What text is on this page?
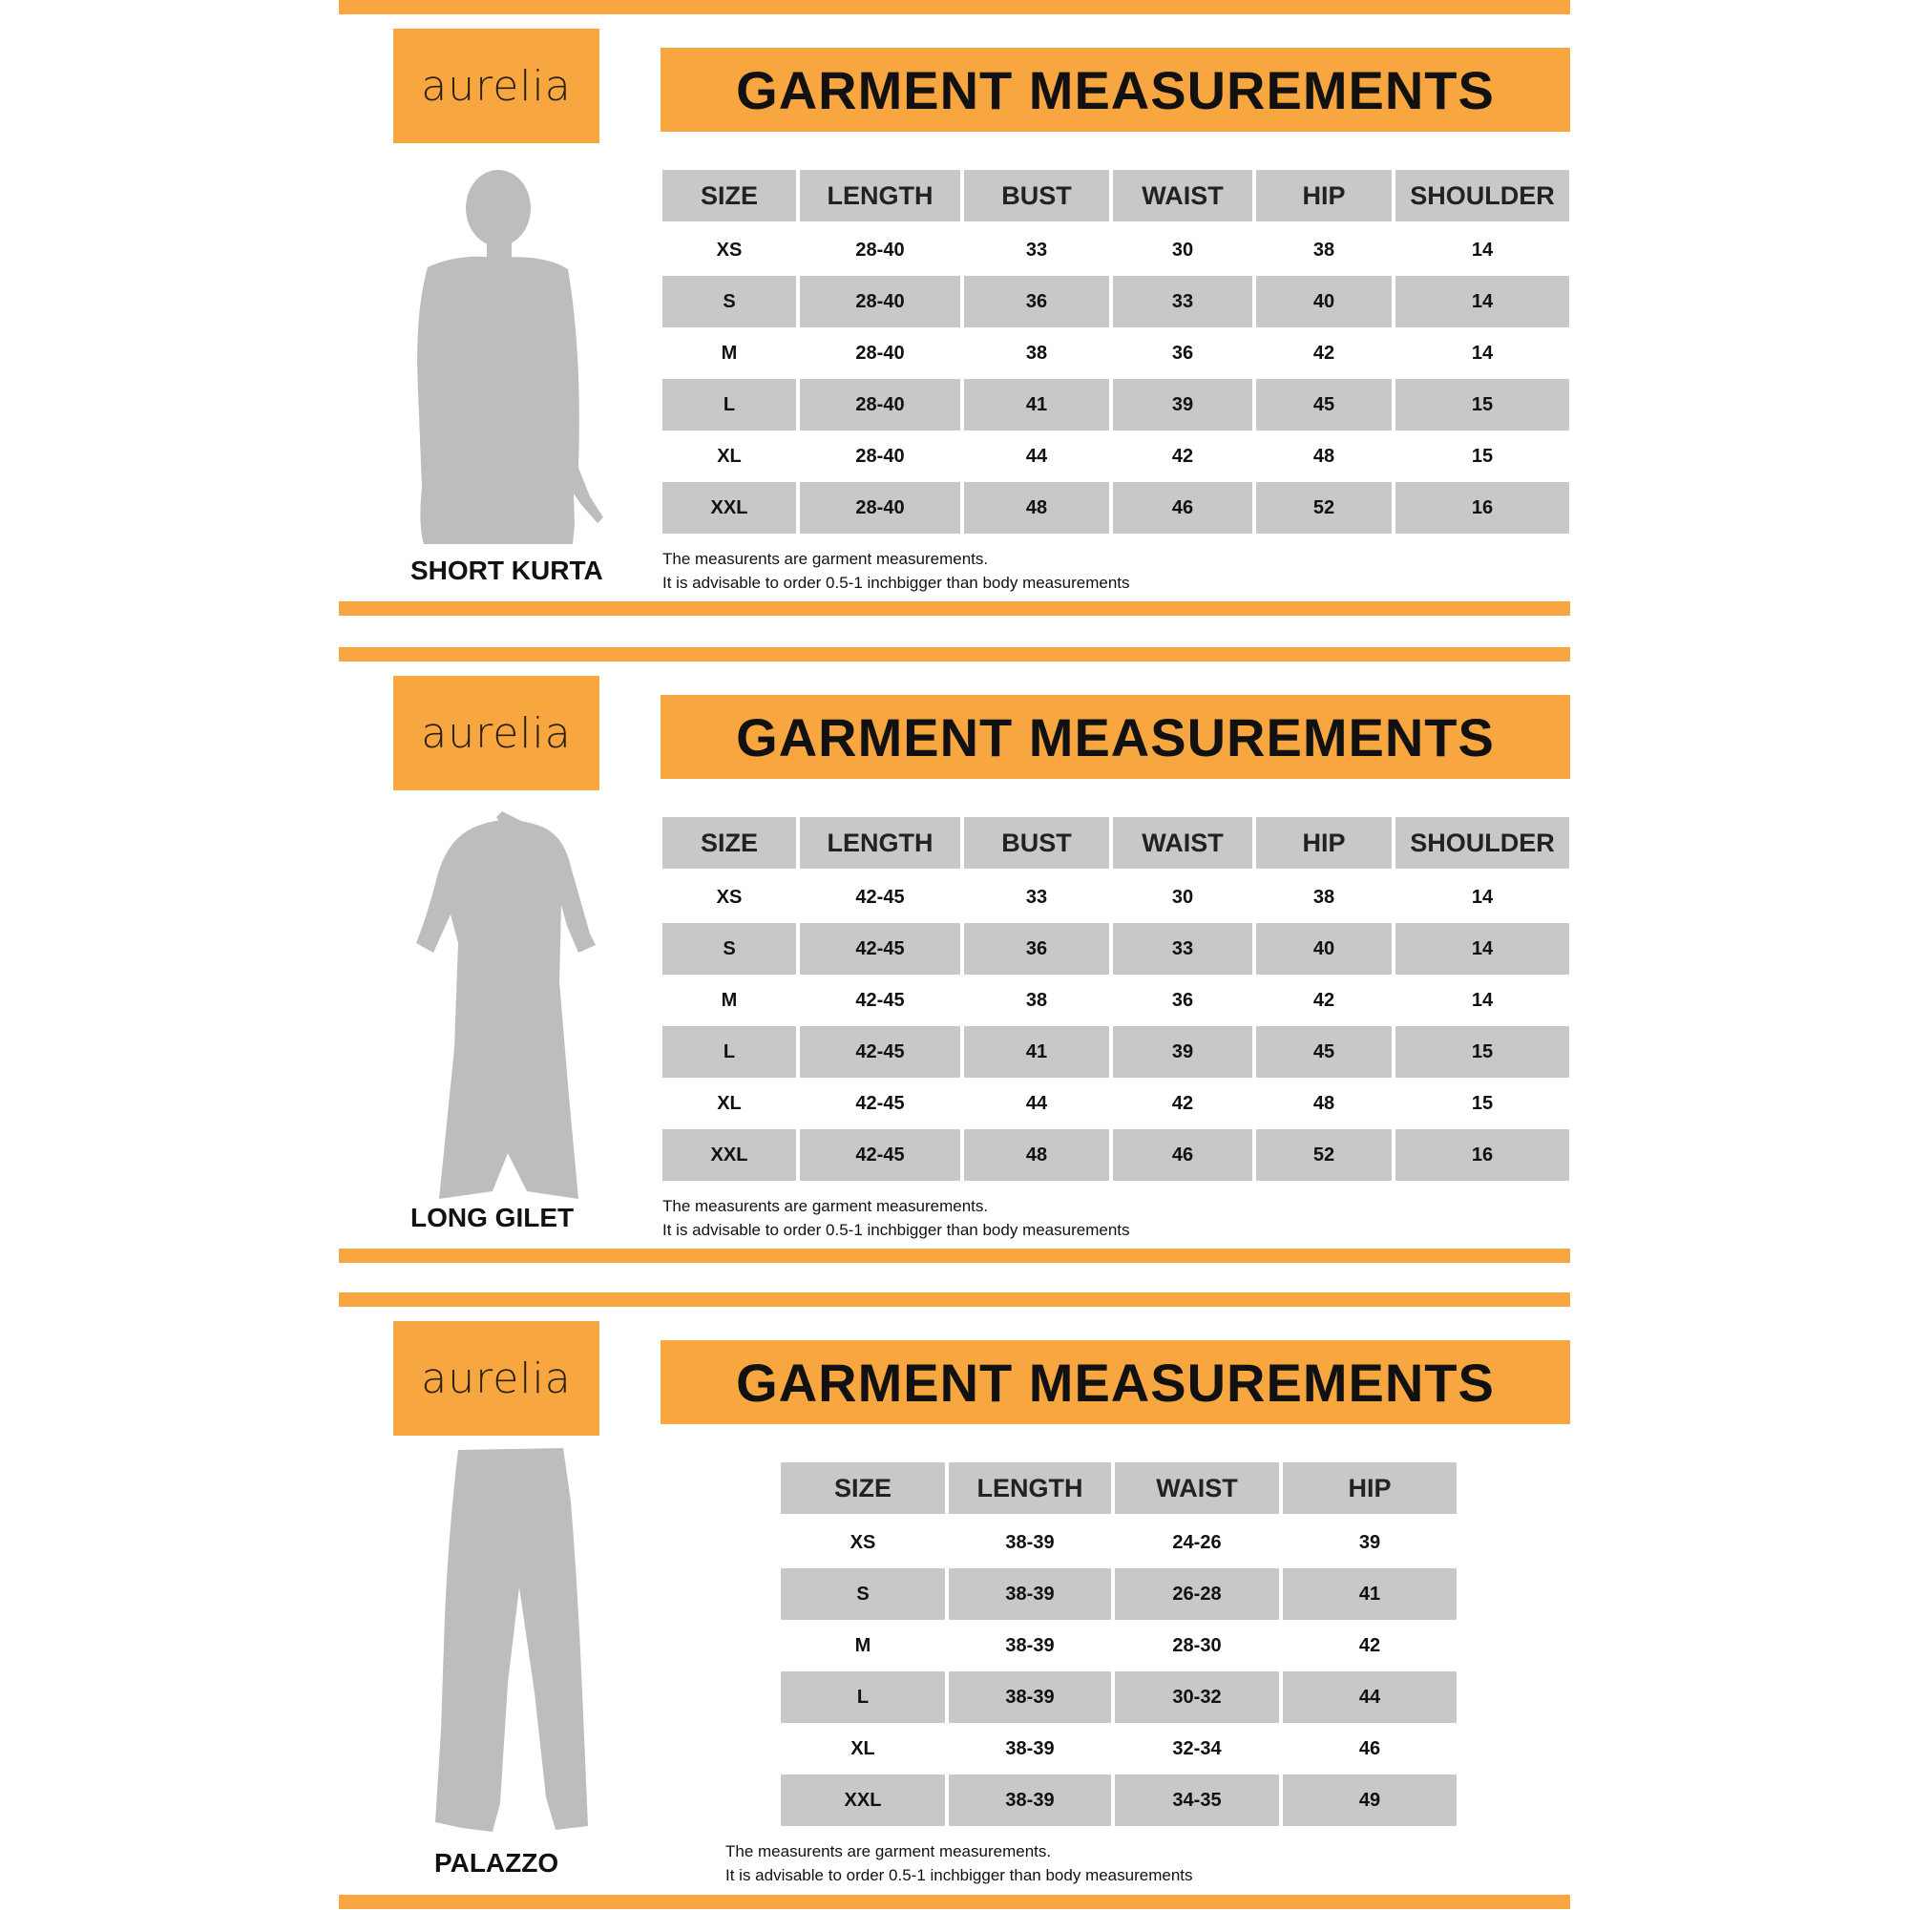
aurelia	GARMENT MEASUREMENTS
SHORT KURTA
SIZE	LENGTH	BUST	WAIST	HIP	SHOULDER
XS	28-40	33	30	38	14
S	28-40	36	33	40	14
M	28-40	38	36	42	14
L	28-40	41	39	45	15
XL	28-40	44	42	48	15
XXL	28-40	48	46	52	16
The measurents are garment measurements.
It is advisable to order 0.5-1 inchbigger than body measurements
aurelia	GARMENT MEASUREMENTS
LONG GILET
SIZE	LENGTH	BUST	WAIST	HIP	SHOULDER
XS	42-45	33	30	38	14
S	42-45	36	33	40	14
M	42-45	38	36	42	14
L	42-45	41	39	45	15
XL	42-45	44	42	48	15
XXL	42-45	48	46	52	16
The measurents are garment measurements.
It is advisable to order 0.5-1 inchbigger than body measurements
aurelia	GARMENT MEASUREMENTS
PALAZZO
SIZE	LENGTH	WAIST	HIP
XS	38-39	24-26	39
S	38-39	26-28	41
M	38-39	28-30	42
L	38-39	30-32	44
XL	38-39	32-34	46
XXL	38-39	34-35	49
The measurents are garment measurements.
It is advisable to order 0.5-1 inchbigger than body measurements
